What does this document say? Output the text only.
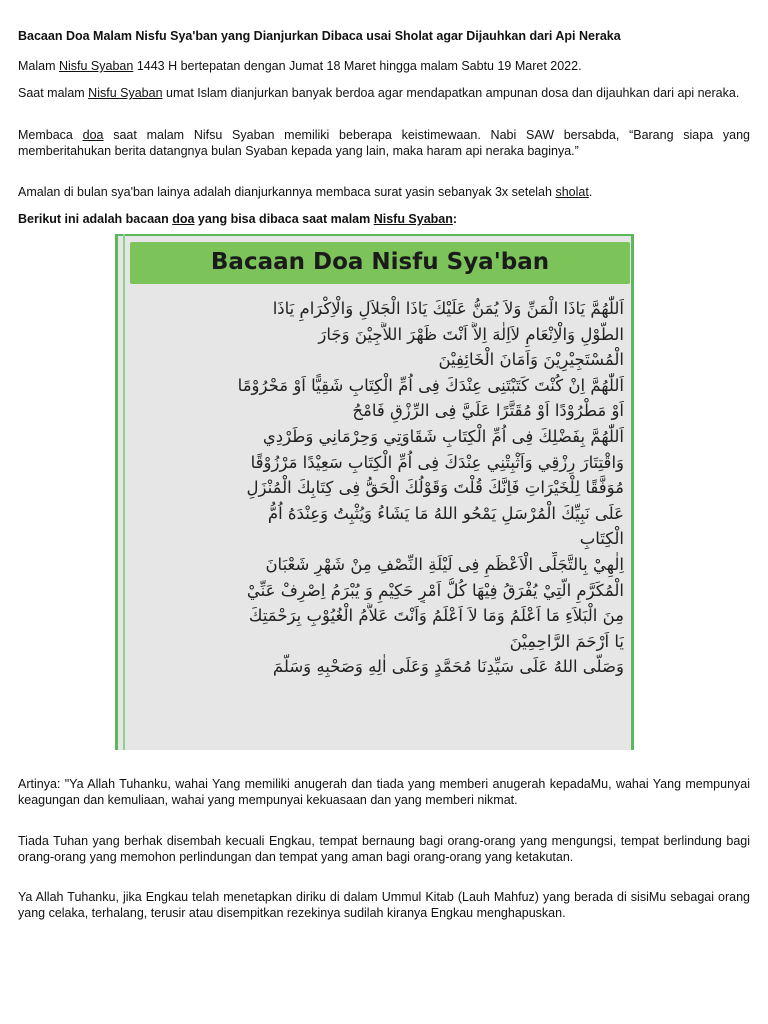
Bacaan Doa Malam Nisfu Sya'ban yang Dianjurkan Dibaca usai Sholat agar Dijauhkan dari Api Neraka

Malam Nisfu Syaban 1443 H bertepatan dengan Jumat 18 Maret hingga malam Sabtu 19 Maret 2022.

Saat malam Nisfu Syaban umat Islam dianjurkan banyak berdoa agar mendapatkan ampunan dosa dan dijauhkan dari api neraka.

Membaca doa saat malam Nifsu Syaban memiliki beberapa keistimewaan. Nabi SAW bersabda, “Barang siapa yang memberitahukan berita datangnya bulan Syaban kepada yang lain, maka haram api neraka baginya.”

Amalan di bulan sya'ban lainya adalah dianjurkannya membaca surat yasin sebanyak 3x setelah sholat.

Berikut ini adalah bacaan doa yang bisa dibaca saat malam Nisfu Syaban:

Bacaan Doa Nisfu Sya'ban
اَللّٰهُمَّ يَاذَا الْمَنِّ وَلاَ يُمَنُّ عَلَيْكَ يَاذَا الْجَلاَلِ وَالْاِكْرَامِ يَاذَا
الطَّوْلِ وَالْاِنْعَامِ لاَاِلٰهَ اِلاَّ اَنْتَ ظَهْرَ اللاَّجِيْنَ وَجَارَ
الْمُسْتَجِيْرِيْنَ وَاَمَانَ الْخَائِفِيْنَ
اَللّٰهُمَّ اِنْ كُنْتَ كَتَبْتَنِى عِنْدَكَ فِى اُمِّ الْكِتَابِ شَقِيًّا اَوْ مَحْرُوْمًا
اَوْ مَطْرُوْدًا اَوْ مُقَتَّرًا عَلَيَّ فِى الرِّزْقِ فَامْحُ
اَللّٰهُمَّ بِفَضْلِكَ فِى اُمِّ الْكِتَابِ شَقَاوَتِي وَحِرْمَانِي وَطَرْدِي
وَاقْتِتَارَ رِزْقِي وَاَثْبِتْنِي عِنْدَكَ فِى اُمِّ الْكِتَابِ سَعِيْدًا مَرْزُوْقًا
مُوَفَّقًا لِلْخَيْرَاتِ فَاِنَّكَ قُلْتَ وَقَوْلُكَ الْحَقُّ فِى كِتَابِكَ الْمُنْزَلِ
عَلَى نَبِيِّكَ الْمُرْسَلِ يَمْحُو اللهُ مَا يَشَاءُ وَيُثْبِتُ وَعِنْدَهُ اُمُّ
الْكِتَابِ
اِلٰهِيْ بِالتَّجَلِّى الْاَعْظَمِ فِى لَيْلَةِ النِّصْفِ مِنْ شَهْرِ شَعْبَانَ
الْمُكَرَّمِ الَّتِيْ يُفْرَقُ فِيْهَا كُلُّ اَمْرٍ حَكِيْمٍ وَ يُبْرَمُ اِصْرِفْ عَنِّيْ
مِنَ الْبَلاَءِ مَا اَعْلَمُ وَمَا لاَ اَعْلَمُ وَاَنْتَ عَلاَّمُ الْغُيُوْبِ بِرَحْمَتِكَ
يَا اَرْحَمَ الرَّاحِمِيْنَ
وَصَلَّى اللهُ عَلَى سَيِّدِنَا مُحَمَّدٍ وَعَلَى اٰلِهِ وَصَحْبِهِ وَسَلَّمَ

Artinya: "Ya Allah Tuhanku, wahai Yang memiliki anugerah dan tiada yang memberi anugerah kepadaMu, wahai Yang mempunyai keagungan dan kemuliaan, wahai yang mempunyai kekuasaan dan yang memberi nikmat.

Tiada Tuhan yang berhak disembah kecuali Engkau, tempat bernaung bagi orang-orang yang mengungsi, tempat berlindung bagi orang-orang yang memohon perlindungan dan tempat yang aman bagi orang-orang yang ketakutan.

Ya Allah Tuhanku, jika Engkau telah menetapkan diriku di dalam Ummul Kitab (Lauh Mahfuz) yang berada di sisiMu sebagai orang yang celaka, terhalang, terusir atau disempitkan rezekinya sudilah kiranya Engkau menghapuskan.
